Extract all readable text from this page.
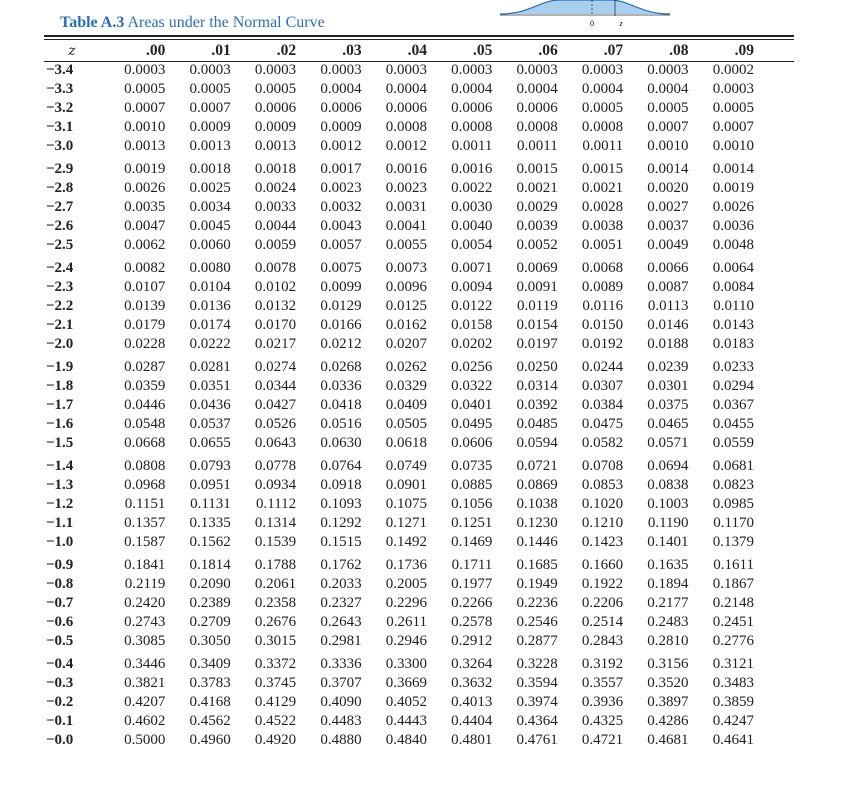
0	z
Table A.3 Areas under the Normal Curve
z	.00	.01	.02	.03	.04	.05	.06	.07	.08	.09
−3.4	0.0003	0.0003	0.0003	0.0003	0.0003	0.0003	0.0003	0.0003	0.0003	0.0002
−3.3	0.0005	0.0005	0.0005	0.0004	0.0004	0.0004	0.0004	0.0004	0.0004	0.0003
−3.2	0.0007	0.0007	0.0006	0.0006	0.0006	0.0006	0.0006	0.0005	0.0005	0.0005
−3.1	0.0010	0.0009	0.0009	0.0009	0.0008	0.0008	0.0008	0.0008	0.0007	0.0007
−3.0	0.0013	0.0013	0.0013	0.0012	0.0012	0.0011	0.0011	0.0011	0.0010	0.0010
−2.9	0.0019	0.0018	0.0018	0.0017	0.0016	0.0016	0.0015	0.0015	0.0014	0.0014
−2.8	0.0026	0.0025	0.0024	0.0023	0.0023	0.0022	0.0021	0.0021	0.0020	0.0019
−2.7	0.0035	0.0034	0.0033	0.0032	0.0031	0.0030	0.0029	0.0028	0.0027	0.0026
−2.6	0.0047	0.0045	0.0044	0.0043	0.0041	0.0040	0.0039	0.0038	0.0037	0.0036
−2.5	0.0062	0.0060	0.0059	0.0057	0.0055	0.0054	0.0052	0.0051	0.0049	0.0048
−2.4	0.0082	0.0080	0.0078	0.0075	0.0073	0.0071	0.0069	0.0068	0.0066	0.0064
−2.3	0.0107	0.0104	0.0102	0.0099	0.0096	0.0094	0.0091	0.0089	0.0087	0.0084
−2.2	0.0139	0.0136	0.0132	0.0129	0.0125	0.0122	0.0119	0.0116	0.0113	0.0110
−2.1	0.0179	0.0174	0.0170	0.0166	0.0162	0.0158	0.0154	0.0150	0.0146	0.0143
−2.0	0.0228	0.0222	0.0217	0.0212	0.0207	0.0202	0.0197	0.0192	0.0188	0.0183
−1.9	0.0287	0.0281	0.0274	0.0268	0.0262	0.0256	0.0250	0.0244	0.0239	0.0233
−1.8	0.0359	0.0351	0.0344	0.0336	0.0329	0.0322	0.0314	0.0307	0.0301	0.0294
−1.7	0.0446	0.0436	0.0427	0.0418	0.0409	0.0401	0.0392	0.0384	0.0375	0.0367
−1.6	0.0548	0.0537	0.0526	0.0516	0.0505	0.0495	0.0485	0.0475	0.0465	0.0455
−1.5	0.0668	0.0655	0.0643	0.0630	0.0618	0.0606	0.0594	0.0582	0.0571	0.0559
−1.4	0.0808	0.0793	0.0778	0.0764	0.0749	0.0735	0.0721	0.0708	0.0694	0.0681
−1.3	0.0968	0.0951	0.0934	0.0918	0.0901	0.0885	0.0869	0.0853	0.0838	0.0823
−1.2	0.1151	0.1131	0.1112	0.1093	0.1075	0.1056	0.1038	0.1020	0.1003	0.0985
−1.1	0.1357	0.1335	0.1314	0.1292	0.1271	0.1251	0.1230	0.1210	0.1190	0.1170
−1.0	0.1587	0.1562	0.1539	0.1515	0.1492	0.1469	0.1446	0.1423	0.1401	0.1379
−0.9	0.1841	0.1814	0.1788	0.1762	0.1736	0.1711	0.1685	0.1660	0.1635	0.1611
−0.8	0.2119	0.2090	0.2061	0.2033	0.2005	0.1977	0.1949	0.1922	0.1894	0.1867
−0.7	0.2420	0.2389	0.2358	0.2327	0.2296	0.2266	0.2236	0.2206	0.2177	0.2148
−0.6	0.2743	0.2709	0.2676	0.2643	0.2611	0.2578	0.2546	0.2514	0.2483	0.2451
−0.5	0.3085	0.3050	0.3015	0.2981	0.2946	0.2912	0.2877	0.2843	0.2810	0.2776
−0.4	0.3446	0.3409	0.3372	0.3336	0.3300	0.3264	0.3228	0.3192	0.3156	0.3121
−0.3	0.3821	0.3783	0.3745	0.3707	0.3669	0.3632	0.3594	0.3557	0.3520	0.3483
−0.2	0.4207	0.4168	0.4129	0.4090	0.4052	0.4013	0.3974	0.3936	0.3897	0.3859
−0.1	0.4602	0.4562	0.4522	0.4483	0.4443	0.4404	0.4364	0.4325	0.4286	0.4247
−0.0	0.5000	0.4960	0.4920	0.4880	0.4840	0.4801	0.4761	0.4721	0.4681	0.4641
